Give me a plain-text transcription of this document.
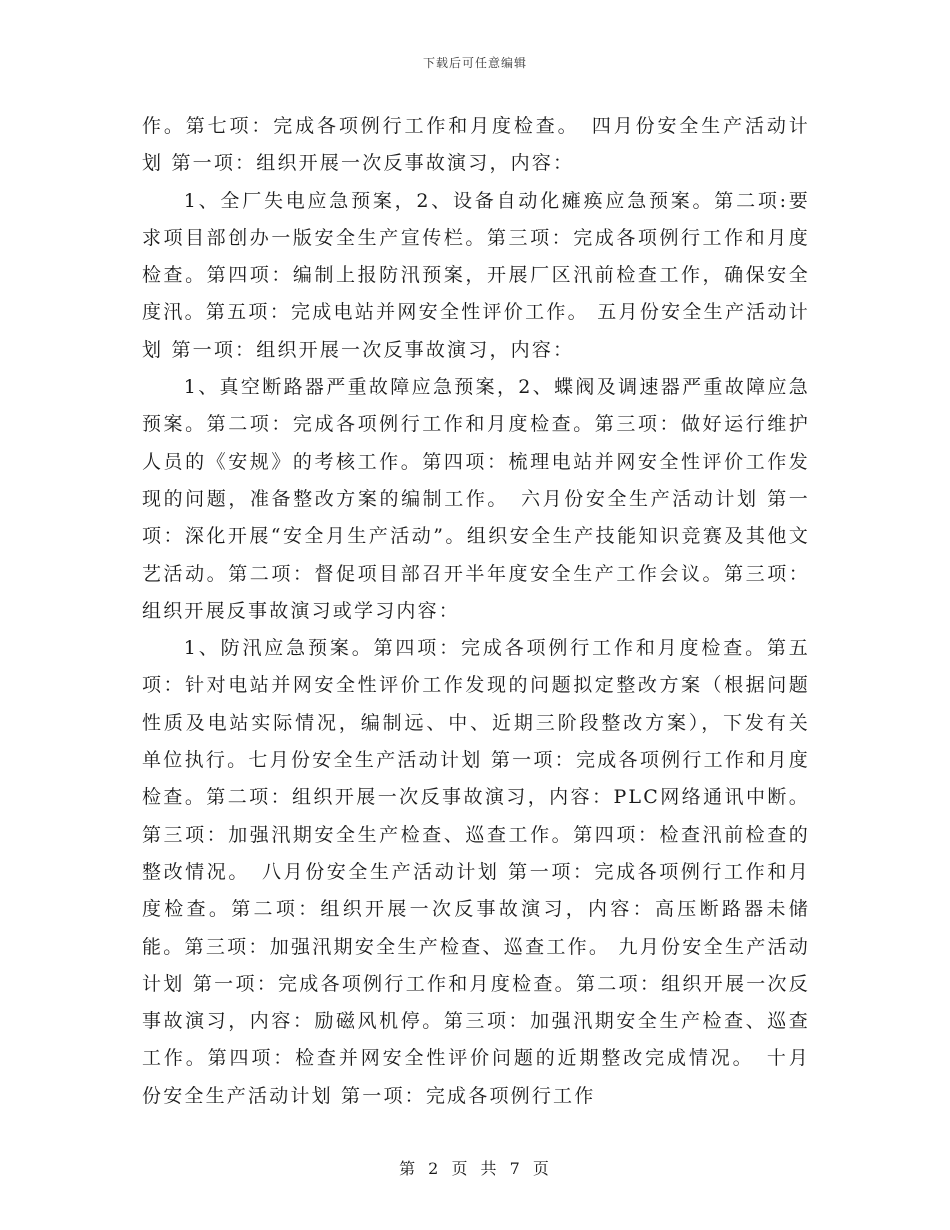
下载后可任意编辑

作。第七项：完成各项例行工作和月度检查。　四月份安全生产活动计划 第一项：组织开展一次反事故演习，内容：

1、全厂失电应急预案，2、设备自动化瘫痪应急预案。第二项:要求项目部创办一版安全生产宣传栏。第三项：完成各项例行工作和月度检查。第四项：编制上报防汛预案，开展厂区汛前检查工作，确保安全度汛。第五项：完成电站并网安全性评价工作。 五月份安全生产活动计划 第一项：组织开展一次反事故演习，内容：

1、真空断路器严重故障应急预案，2、蝶阀及调速器严重故障应急预案。第二项：完成各项例行工作和月度检查。第三项：做好运行维护人员的《安规》的考核工作。第四项：梳理电站并网安全性评价工作发现的问题，准备整改方案的编制工作。　六月份安全生产活动计划 第一项：深化开展“安全月生产活动”。组织安全生产技能知识竞赛及其他文艺活动。第二项：督促项目部召开半年度安全生产工作会议。第三项：组织开展反事故演习或学习内容：

1、防汛应急预案。第四项：完成各项例行工作和月度检查。第五项：针对电站并网安全性评价工作发现的问题拟定整改方案（根据问题性质及电站实际情况，编制远、中、近期三阶段整改方案），下发有关单位执行。七月份安全生产活动计划 第一项：完成各项例行工作和月度检查。第二项：组织开展一次反事故演习，内容：PLC网络通讯中断。第三项：加强汛期安全生产检查、巡查工作。第四项：检查汛前检查的整改情况。　八月份安全生产活动计划 第一项：完成各项例行工作和月度检查。第二项：组织开展一次反事故演习，内容：高压断路器未储能。第三项：加强汛期安全生产检查、巡查工作。 九月份安全生产活动计划 第一项：完成各项例行工作和月度检查。第二项：组织开展一次反事故演习，内容：励磁风机停。第三项：加强汛期安全生产检查、巡查工作。第四项：检查并网安全性评价问题的近期整改完成情况。　十月份安全生产活动计划 第一项：完成各项例行工作

第 2 页 共 7 页
